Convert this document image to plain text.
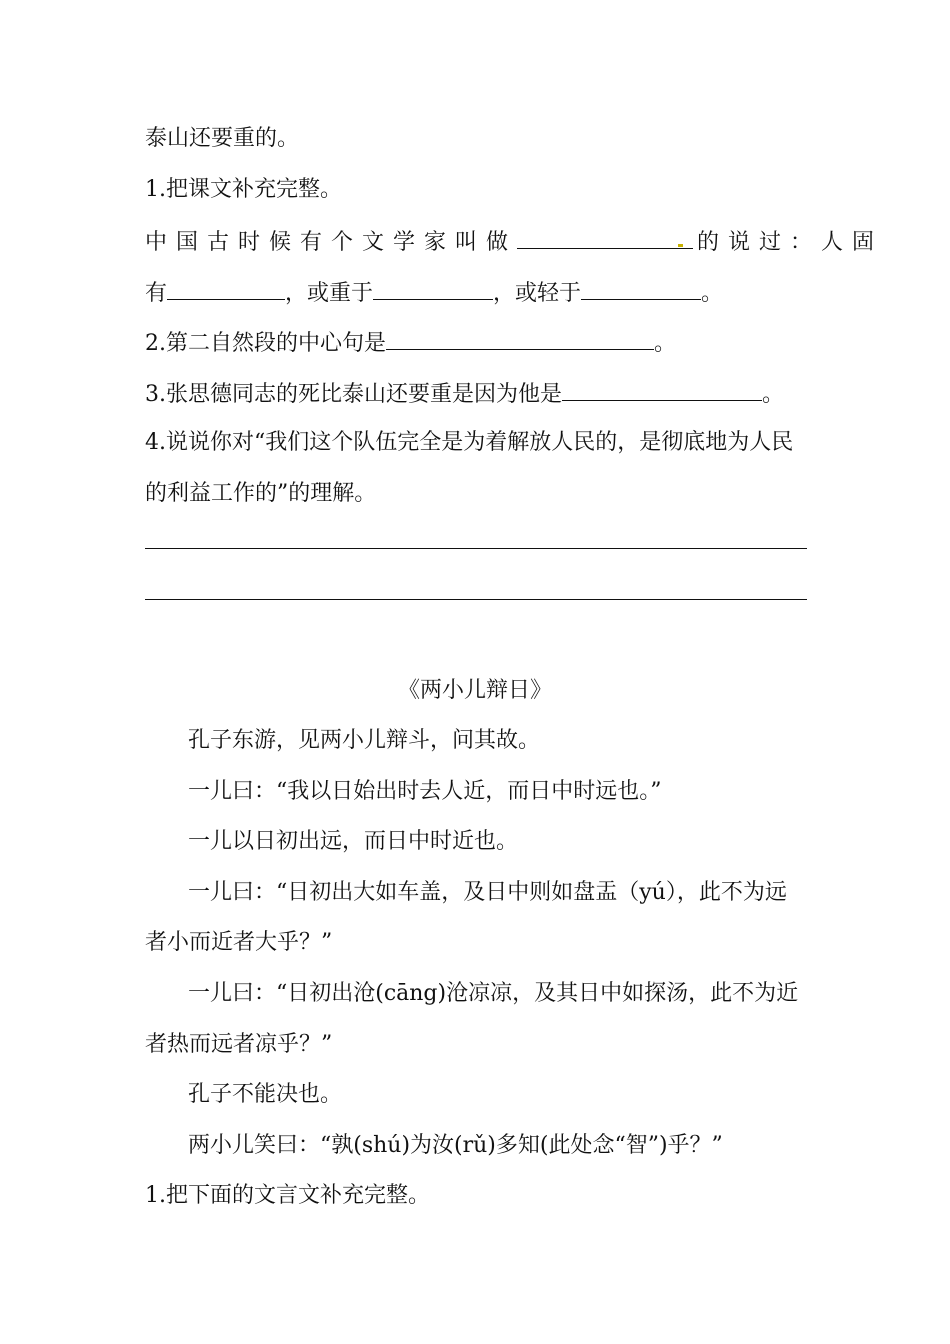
泰山还要重的。
1.把课文补充完整。
中国古时候有个文学家叫做	的说过：人固
有	，或重于	，或轻于	。
2.第二自然段的中心句是	。
3.张思德同志的死比泰山还要重是因为他是	。
4.说说你对“我们这个队伍完全是为着解放人民的，是彻底地为人民
的利益工作的”的理解。
《两小儿辩日》
孔子东游，见两小儿辩斗，问其故。
一儿曰：“我以日始出时去人近，而日中时远也。”
一儿以日初出远，而日中时近也。
一儿曰：“日初出大如车盖，及日中则如盘盂（yú），此不为远
者小而近者大乎？”
一儿曰：“日初出沧(cāng)沧凉凉，及其日中如探汤，此不为近
者热而远者凉乎？”
孔子不能决也。
两小儿笑曰：“孰(shú)为汝(rǔ)多知(此处念“智”)乎？”
1.把下面的文言文补充完整。
